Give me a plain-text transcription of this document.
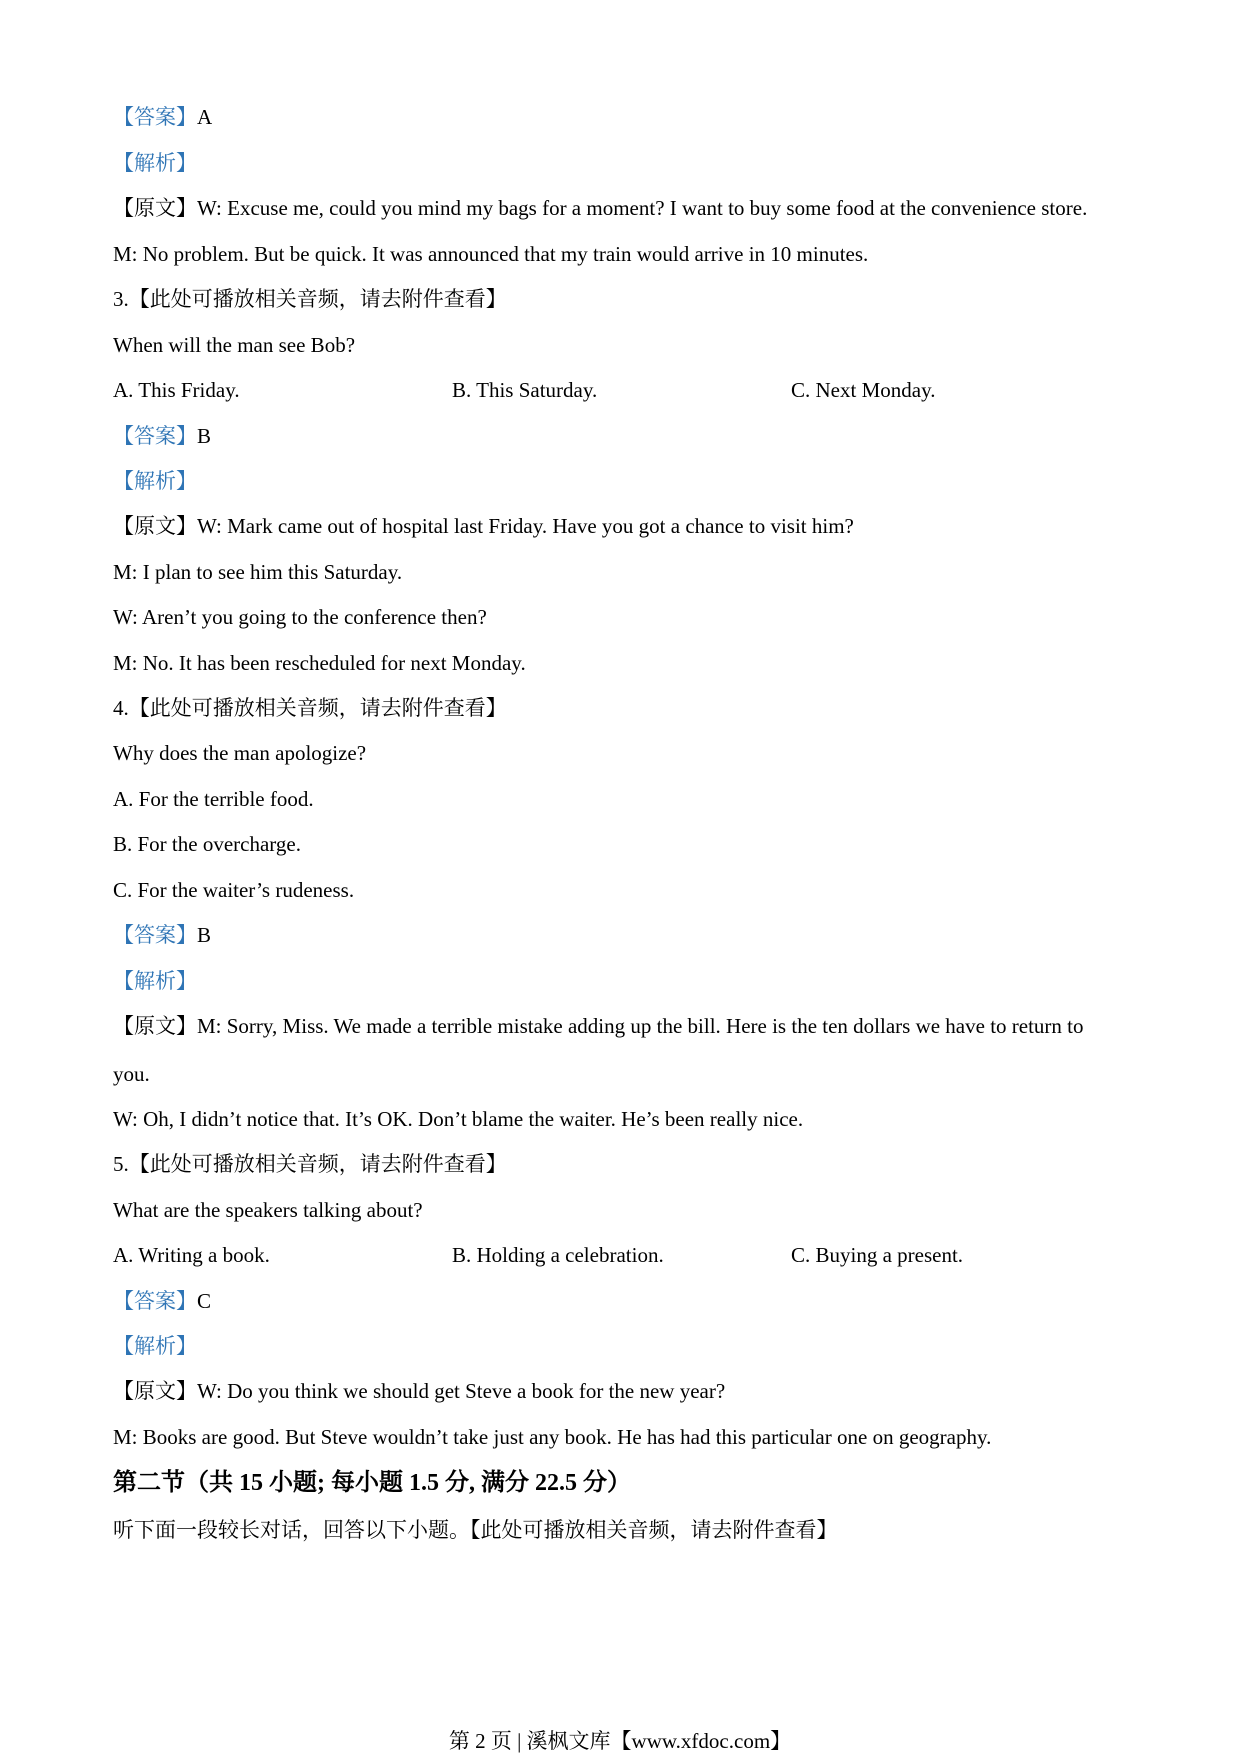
【答案】A
【解析】
【原文】W: Excuse me, could you mind my bags for a moment? I want to buy some food at the convenience store.
M: No problem. But be quick. It was announced that my train would arrive in 10 minutes.
3.【此处可播放相关音频，请去附件查看】
When will the man see Bob?
A. This Friday.	B. This Saturday.	C. Next Monday.
【答案】B
【解析】
【原文】W: Mark came out of hospital last Friday. Have you got a chance to visit him?
M: I plan to see him this Saturday.
W: Aren’t you going to the conference then?
M: No. It has been rescheduled for next Monday.
4.【此处可播放相关音频，请去附件查看】
Why does the man apologize?
A. For the terrible food.
B. For the overcharge.
C. For the waiter’s rudeness.
【答案】B
【解析】
【原文】M: Sorry, Miss. We made a terrible mistake adding up the bill. Here is the ten dollars we have to return to
you.
W: Oh, I didn’t notice that. It’s OK. Don’t blame the waiter. He’s been really nice.
5.【此处可播放相关音频，请去附件查看】
What are the speakers talking about?
A. Writing a book.	B. Holding a celebration.	C. Buying a present.
【答案】C
【解析】
【原文】W: Do you think we should get Steve a book for the new year?
M: Books are good. But Steve wouldn’t take just any book. He has had this particular one on geography.
第二节（共 15 小题; 每小题 1.5 分, 满分 22.5 分）
听下面一段较长对话，回答以下小题。【此处可播放相关音频，请去附件查看】
第 2 页 | 溪枫文库【www.xfdoc.com】
